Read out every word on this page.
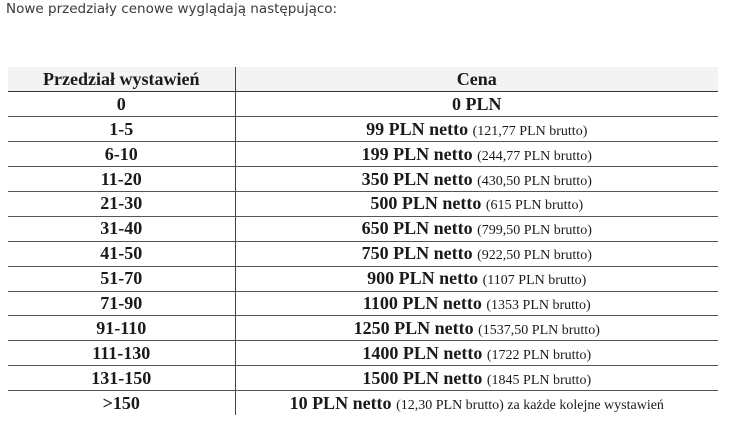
Nowe przedziały cenowe wyglądają następująco:
Przedział wystawień	Cena
0	0 PLN
1-5	99 PLN netto (121,77 PLN brutto)
6-10	199 PLN netto (244,77 PLN brutto)
11-20	350 PLN netto (430,50 PLN brutto)
21-30	500 PLN netto (615 PLN brutto)
31-40	650 PLN netto (799,50 PLN brutto)
41-50	750 PLN netto (922,50 PLN brutto)
51-70	900 PLN netto (1107 PLN brutto)
71-90	1100 PLN netto (1353 PLN brutto)
91-110	1250 PLN netto (1537,50 PLN brutto)
111-130	1400 PLN netto (1722 PLN brutto)
131-150	1500 PLN netto (1845 PLN brutto)
>150	10 PLN netto (12,30 PLN brutto) za każde kolejne wystawień
